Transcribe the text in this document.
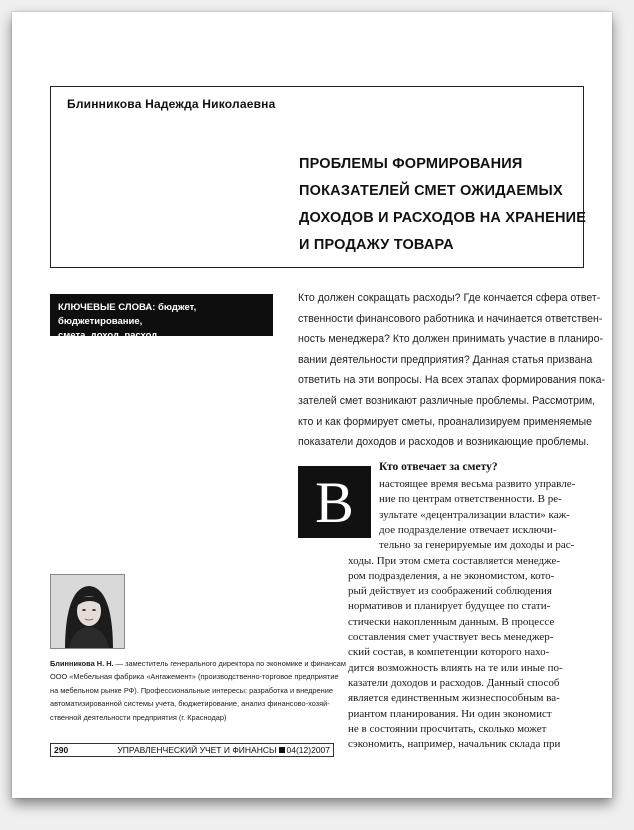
Блинникова Надежда Николаевна
ПРОБЛЕМЫ ФОРМИРОВАНИЯ
ПОКАЗАТЕЛЕЙ СМЕТ ОЖИДАЕМЫХ
ДОХОДОВ И РАСХОДОВ НА ХРАНЕНИЕ
И ПРОДАЖУ ТОВАРА
КЛЮЧЕВЫЕ СЛОВА: бюджет, бюджетирование,
смета, доход, расход
Кто должен сокращать расходы? Где кончается сфера ответ-
ственности финансового работника и начинается ответствен-
ность менеджера? Кто должен принимать участие в планиро-
вании деятельности предприятия? Данная статья призвана
ответить на эти вопросы. На всех этапах формирования пока-
зателей смет возникают различные проблемы. Рассмотрим,
кто и как формирует сметы, проанализируем применяемые
показатели доходов и расходов и возникающие проблемы.
В
Кто отвечает за смету?
настоящее время весьма развито управле-
ние по центрам ответственности. В ре-
зультате «децентрализации власти» каж-
дое подразделение отвечает исключи-
тельно за генерируемые им доходы и рас-
ходы. При этом смета составляется менедже-
ром подразделения, а не экономистом, кото-
рый действует из соображений соблюдения
нормативов и планирует будущее по стати-
стически накопленным данным. В процессе
составления смет участвует весь менеджер-
ский состав, в компетенции которого нахо-
дится возможность влиять на те или иные по-
казатели доходов и расходов. Данный способ
является единственным жизнеспособным ва-
риантом планирования. Ни один экономист
не в состоянии просчитать, сколько может
сэкономить, например, начальник склада при
Блинникова Н. Н. — заместитель генерального директора по экономике и финансам
ООО «Мебельная фабрика «Ангажемент» (производственно-торговое предприятие
на мебельном рынке РФ). Профессиональные интересы: разработка и внедрение
автоматизированной системы учета, бюджетирование, анализ финансово-хозяй-
ственной деятельности предприятия (г. Краснодар)
290	УПРАВЛЕНЧЕСКИЙ УЧЕТ И ФИНАНСЫ 04(12)2007
